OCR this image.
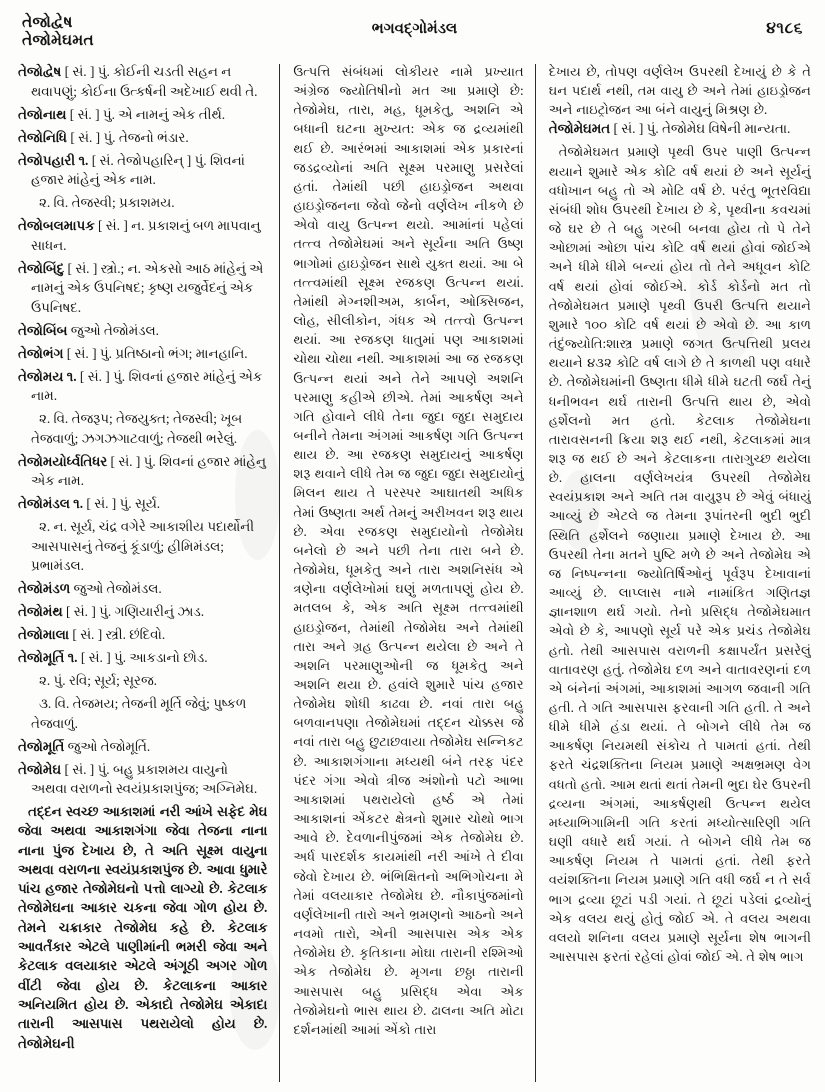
તેજોદ્વેષ
તેજોમેઘમત
ભગવદ્‌ગોમંડલ	૪૧૮૬
તેજોદ્વેષ [ સં. ] પું. કોઈની ચડતી સહન ન થવાપણું; કોઈના ઉત્કર્ષની અદેખાઈ થવી તે.
તેજોનાથ [ સં. ] પું. એ નામનું એક તીર્થ.
તેજોનિધિ [ સં. ] પું. તેજનો ભંડાર.
તેજોપહારી ૧. [ સં. તેજોપહારિન્ ] પું. શિવનાં હજાર માંહેનું એક નામ.
૨. વિ. તેજસ્વી; પ્રકાશમય.
તેજોબલમાપક [ સં. ] ન. પ્રકાશનું બળ માપવાનુ સાધન.
તેજોબિંદુ [ સં. ] સ્ત્રો.; ન. એકસો આઠ માંહેનું એ નામનું એક ઉપનિષદ; કૃષ્ણ યજુર્વેદનું એક ઉપનિષદ.
તેજોબિંબ જુઓ તેજોમંડલ.
તેજોભંગ [ સં. ] પું. પ્રતિષ્ઠાનો ભંગ; માનહાનિ.
તેજોમય ૧. [ સં. ] પું. શિવનાં હજાર માંહેનું એક નામ.
૨. વિ. તેજરૂપ; તેજયુક્ત; તેજસ્વી; ખૂબ તેજવાળું; ઝગઝગાટવાળું; તેજથી ભરેલું.
તેજોમયોર્ધ્વતિધર [ સં. ] પું. શિવનાં હજાર માંહેનુ એક નામ.
તેજોમંડલ ૧. [ સં. ] પું. સૂર્ય.
૨. ન. સૂર્ય, ચંદ્ર વગેરે આકાશીય પદાર્થોની આસપાસનું તેજનું કૂંડાળું; હીમિમંડલ; પ્રભામંડલ.
તેજોમંડળ જુઓ તેજોમંડલ.
તેજોમંથ [ સં. ] પું. ગણિયારીનું ઝાડ.
તેજોમાલા [ સં. ] સ્ત્રી. છંદિવો.
તેજોમૂર્તિ ૧. [ સં. ] પું. આકડાનો છોડ.
૨. પું. રવિ; સૂર્ય; સૂરજ.
૩. વિ. તેજમય; તેજની મૂર્તિ જેવું; પુષ્કળ તેજવાળું.
તેજોમૂર્તિ જુઓ તેજોમૂર્તિ.
તેજોમેઘ [ સં. ] પું. બહુ પ્રકાશમય વાયુનો અથવા વરાળનો સ્વયંપ્રકાશપુંજ; અગ્નિમેઘ.

તદ્દન સ્વચ્છ આકાશમાં નરી આંખે સફેદ મેઘ જેવા અથવા આકાશગંગા જેવા તેજના નાના નાના પુંજ દેખાય છે, તે અતિ સૂક્ષ્મ વાયુના અથવા વરાળના સ્વયંપ્રકાશપુંજ છે. આવા ધુમારે પાંચ હજાર તેજોમેઘનો પત્તો લાગ્યો છે. કેટલાક તેજોમેઘના આકાર ચકના જેવા ગોળ હોય છે. તેમને ચક્રાકાર તેજોમેઘ કહે છે. કેટલાક આવર્તંકાર એટલે પાણીમાંની ભમરી જેવા અને કેટલાક વલયાકાર એટલે અંગૂઠી અગર ગોળ વીંટી જેવા હોય છે. કેટલાકના આકાર અનિયમિત હોય છે. એકાદો તેજોમેઘ એકાદા તારાની આસપાસ પથરાયેલો હોય છે. તેજોમેઘની

ઉત્પત્તિ સંબંધમાં લોકીયર નામે પ્રખ્યાત અંગ્રેજ જ્યોતિષીનો મત આ પ્રમાણે છે: તેજોમેઘ, તારા, મહ, ધૂમકેતુ, અશનિ એ બધાની ઘટના મુખ્યત: એક જ દ્રવ્યમાંથી થઈ છે. આરંભમાં આકાશમાં એક પ્રકારનાં જડદ્રવ્યોનાં અતિ સૂક્ષ્મ પરમાણુ પ્રસરેલાં હતાં. તેમાંથી પછી હાઇડ્રોજન અથવા હાઇડ્રોજનના જેવો જેનો વર્ણલેખ નીકળે છે એવો વાયુ ઉત્પન્ન થયો. આમાંનાં પહેલાં તત્ત્વ તેજોમેઘમાં અને સૂર્યના અતિ ઉષ્ણ ભાગોમાં હાઇડ્રોજન સાથે યુક્ત થયાં. આ બે તત્ત્વમાંથી સૂક્ષ્મ રજકણ ઉત્પન્ન થયાં. તેમાંથી મેગ્નશીઅમ, કાર્બન, ઓક્સિજન, લોહ, સીલીકોન, ગંધક એ તત્ત્વો ઉત્પન્ન થયાં. આ રજકણ ધાતુમાં પણ આકાશમાં ચોથા ચોથા નથી. આકાશમાં આ જ રજકણ ઉત્પન્ન થયાં અને તેને આપણે અશનિ પરમાણુ કહીએ છીએ. તેમાં આકર્ષણ અને ગતિ હોવાને લીધે તેના જુદા જુદા સમુદાય બનીને તેમના અંગમાં આકર્ષણ ગતિ ઉત્પન્ન થાય છે. આ રજકણ સમુદાયનું આકર્ષણ શરૂ થવાને લીધે તેમ જ જુદા જુદા સમુદાયોનું મિલન થાય તે પરસ્પર આઘાતથી અધિક તેમાં ઉષ્ણતા અર્થ તેમનું અરીખવન શરૂ થાય છે. એવા રજકણ સમુદાયોનો તેજોમેઘ બનેલો છે અને પછી તેના તારા બને છે. તેજોમેઘ, ધૂમકેતુ અને તારા અશનિસંધ એ ત્રણેના વર્ણલેખોમાં ઘણું મળતાપણું હોય છે. મતલબ કે, એક અતિ સૂક્ષ્મ તત્ત્વમાંથી હાઇડ્રોજન, તેમાંથી તેજોમેઘ અને તેમાંથી તારા અને ગ્રહ ઉત્પન્ન થયેલા છે અને તે અશનિ પરમાણુઓની જ ધૂમકેતુ અને અશનિ થયા છે. હવાંલે શુમારે પાંચ હજાર તેજોમેઘ શોધી કાઢવા છે. નવાં તારા બહુ બળવાનપણા તેજોમેઘમાં તદ્દન ચોક્કસ જે નવાં તારા બહુ છુટાછવાયા તેજોમેઘ સન્નિકટ છે. આકાશગંગાના મધ્યથી બંને તરફ પંદર પંદર ગંગા એવો ત્રીજ અંશોનો પટો આભા આકાશમાં પથરાયેલો હર્ષ્ઠ એ તેમાં આકાશનાં એંકટર ક્ષેત્રનો શુમાર ચોથો ભાગ આવે છે. દેવળાનીપુંજમાં એક તેજોમેઘ છે. અર્ધ પારદર્શક કાયમાંથી નરી આંખે તે દીવા જેવો દેખાય છે. ભંભિક્ષિતનો અભિગોચના મે તેમાં વલયાકાર તેજોમેઘ છે. નૌકાપુંજમાંનો વર્ણલેખાની તારો અને ભ્રમણનો આઠનો અને નવમો તારો, એની આસપાસ એક એક તેજોમેઘ છે. કૃતિકાના મોઘા તારાની રશ્મિઓ એક તેજોમેઘ છે. મૃગના છઠ્ઠા તારાની આસપાસ બહુ પ્રસિદ્ધ એવા એક તેજોમેઘનો ભાસ થાય છે. ઢાલના અતિ મોટા દર્શનમાંથી આમાં એંકો તારા

દેખાય છે, તોપણ વર્ણલેખ ઉપરથી દેખાયું છે કે તે ઘન પદાર્થ નથી, તમ વાયુ છે અને તેમાં હાઇડ્રોજન અને નાઇટ્રોજન આ બંને વાયુનું મિશ્રણ છે.

તેજોમેઘમત [ સં. ] પું. તેજોમેઘ વિષેની માન્યતા.

તેજોમેઘમત પ્રમાણે પૃથ્વી ઉપર પાણી ઉત્પન્ન થયાને શુમારે એક કોટિ વર્ષ થયાં છે અને સૂર્યનું વધોખાન બહુ તો એ મોટિ વર્ષ છે. પરંતુ ભૂતરવિદ્યા સંબંધી શોધ ઉપરથી દેખાય છે કે, પૃથ્વીના કવચમાં જે ઘર છે તે બહુ ગરબી બનવા હોય તો પે તેને ઓછામાં ઓછા પાંચ કોટિ વર્ષ થયાં હોવાં જોઈએ અને ધીમે ધીમે બન્યાં હોય તો તેને અધૂવન કોટિ વર્ષ થયાં હોવાં જોઈએ. કોર્ડ કોર્ડનો મત તો તેજોમેઘમત પ્રમાણે પૃથ્વી ઉપરી ઉત્પત્તિ થયાને શુમારે ૧૦૦ કોટિ વર્ષ થયાં છે એવો છે. આ કાળ તંદુંજ્યોતિ:શાસ્ત્ર પ્રમાણે જગત ઉત્પત્તિથી પ્રલય થયાને ૪૩૨ કોટિ વર્ષ લાગે છે તે કાળથી પણ વધારે છે. તેજોમેઘમાંની ઉષ્ણતા ધીમે ધીમે ઘટતી જર્ઘ તેનું ધનીભવન થર્ઘ તારાની ઉત્પત્તિ થાય છે, એવો હર્શેલનો મત હતો. કેટલાક તેજોમેઘના તારાવસનની ક્રિયા શરૂ થઈ નથી, કેટલાકમાં માત્ર શરૂ જ થઈ છે અને કેટલાકના તારાગુચ્છ થયેલા છે. હાલના વર્ણલેખયંત્ર ઉપરથી તેજોમેઘ સ્વયંપ્રકાશ અને અતિ તમ વાયુરૂપ છે એવું બંધાયું આવ્યું છે એટલે જ તેમના રૂપાંતરની ભુદી ભુદી સ્થિતિ હર્શેલને જણાયા પ્રમાણે દેખાય છે. આ ઉપરથી તેના મતને પુષ્ટિ મળે છે અને તેજોમેઘ એ જ નિષ્પન્નના જ્યોતિર્ષિઓનું પૂર્વરૂપ દેખાવાનાં આવ્યું છે. લાપ્લાસ નામે નામાંકિત ગણિતજ્ઞ જ્ઞાનશાળ થર્ઘ ગયો. તેનો પ્રસિદ્ધ તેજોમેઘમાત એવો છે કે, આપણો સૂર્ય પરે એક પ્રચંડ તેજોમેઘ હતો. તેથી આસપાસ વરાળની કક્ષાપર્યંત પ્રસરેલું વાતાવરણ હતું. તેજોમેઘ દળ અને વાતાવરણનાં દળ એ બંનેનાં અંગમાં, આકાશમાં આગળ જવાની ગતિ હતી. તે ગતિ આસપાસ ફરવાની ગતિ હતી. તે અને ધીમે ધીમે હંડા થયાં. તે બોગને લીધે તેમ જ આકર્ષણ નિયમથી સંકોચ તે પામતાં હતાં. તેથી ફરતે ચંદ્રશક્તિના નિયમ પ્રમાણે અક્ષભ્રમણ વેગ વધતો હતો. આમ થતાં થતાં તેમની ભુદા ઘેર ઉપરની દ્રવ્યના અંગમાં, આકર્ષણથી ઉત્પન્ન થયેલ મધ્યાભિગામિની ગતિ કરતાં મધ્યોત્સારિણી ગતિ ઘણી વધારે થર્ઘ ગયાં. તે બોગને લીધે તેમ જ આકર્ષણ નિયમ તે પામતાં હતાં. તેથી ફરતે વયંશક્તિના નિયમ પ્રમાણે ગતિ વધી જર્ઘ ન તે સર્વ ભાગ દ્રવ્યા છૂટાં પડી ગયાં. તે છૂટાં પડેલાં દ્રવ્યોનું એક વલય થયું હોતું જોઈ એ. તે વલય અથવા વલયો શનિના વલય પ્રમાણે સૂર્યના શેષ ભાગની આસપાસ ફરતાં રહેલાં હોવાં જોઈ એ. તે શેષ ભાગ
